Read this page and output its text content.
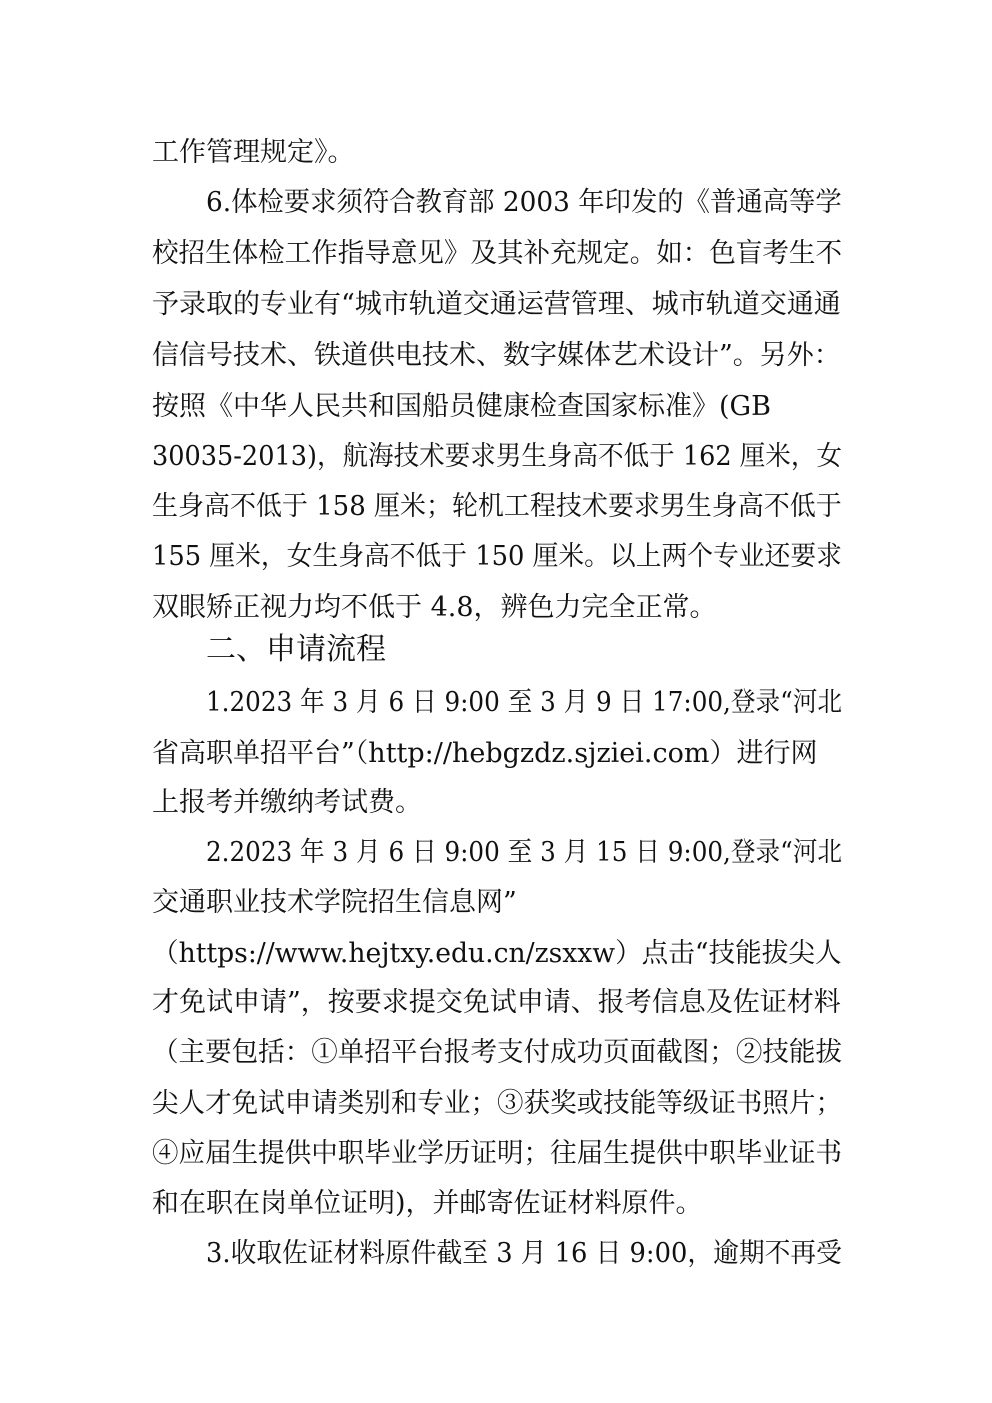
工作管理规定》。
6.体检要求须符合教育部 2003 年印发的《普通高等学
校招生体检工作指导意见》及其补充规定。如：色盲考生不
予录取的专业有“城市轨道交通运营管理、城市轨道交通通
信信号技术、铁道供电技术、数字媒体艺术设计”。另外：
按照《中华人民共和国船员健康检查国家标准》(GB
30035-2013)，航海技术要求男生身高不低于 162 厘米，女
生身高不低于 158 厘米；轮机工程技术要求男生身高不低于
155 厘米，女生身高不低于 150 厘米。以上两个专业还要求
双眼矫正视力均不低于 4.8，辨色力完全正常。
二、申请流程
1.2023 年 3 月 6 日 9:00 至 3 月 9 日 17:00,登录“河北
省高职单招平台”（http://hebgzdz.sjziei.com）进行网
上报考并缴纳考试费。
2.2023 年 3 月 6 日 9:00 至 3 月 15 日 9:00,登录“河北
交通职业技术学院招生信息网”
（https://www.hejtxy.edu.cn/zsxxw）点击“技能拔尖人
才免试申请”，按要求提交免试申请、报考信息及佐证材料
（主要包括：①单招平台报考支付成功页面截图；②技能拔
尖人才免试申请类别和专业；③获奖或技能等级证书照片；
④应届生提供中职毕业学历证明；往届生提供中职毕业证书
和在职在岗单位证明)，并邮寄佐证材料原件。
3.收取佐证材料原件截至 3 月 16 日 9:00，逾期不再受
